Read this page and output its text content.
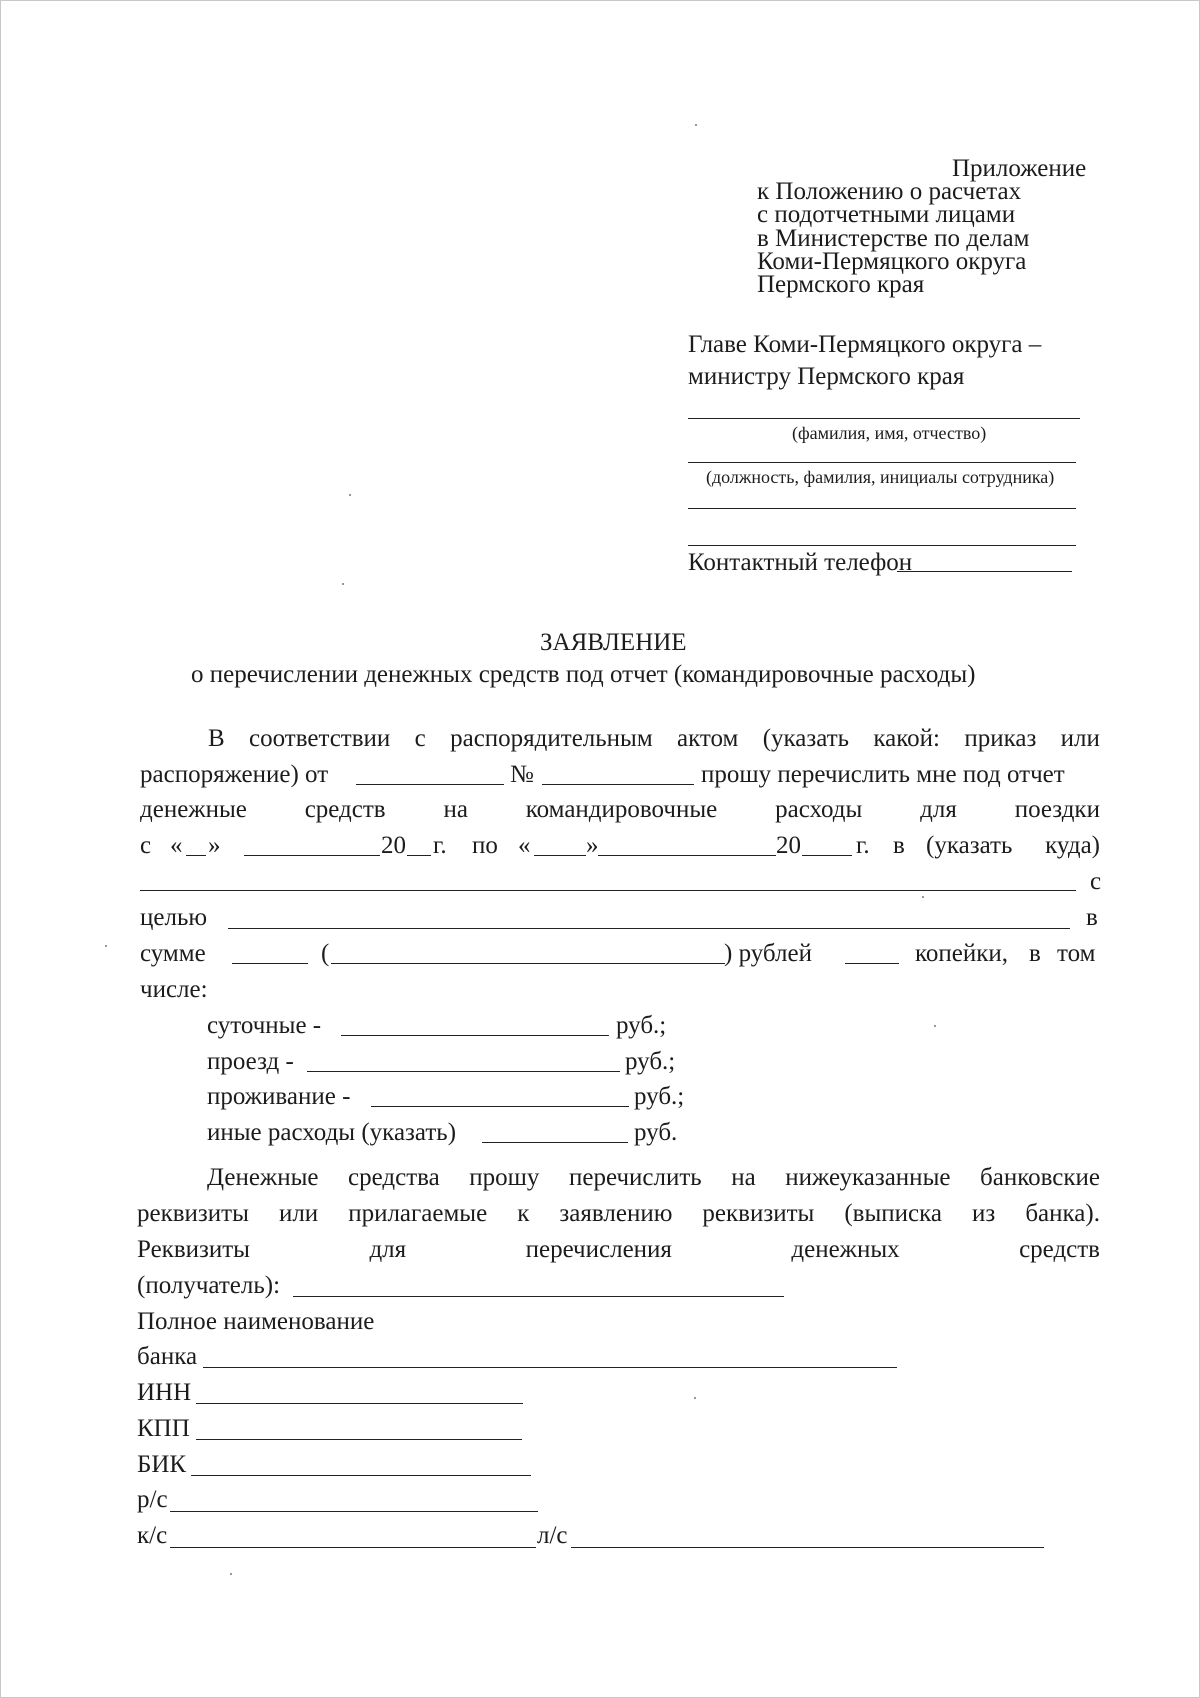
Приложение
к Положению о расчетах
с подотчетными лицами
в Министерстве по делам
Коми-Пермяцкого округа
Пермского края
Главе Коми-Пермяцкого округа –
министру Пермского края
(фамилия, имя, отчество)
(должность, фамилия, инициалы сотрудника)
Контактный телефон
ЗАЯВЛЕНИЕ
о перечислении денежных средств под отчет (командировочные расходы)
В соответствии с распорядительным актом (указать какой: приказ или
распоряжение) от	№	прошу перечислить мне под отчет
денежные средств на командировочные расходы для поездки
с « »	20 г. по « »	20 г. в (указать куда)
с
целью	в
сумме	(	) рублей	копейки, в том
числе:
суточные -	руб.;
проезд -	руб.;
проживание -	руб.;
иные расходы (указать)	руб.
Денежные средства прошу перечислить на нижеуказанные банковские
реквизиты или прилагаемые к заявлению реквизиты (выписка из банка).
Реквизиты	для	перечисления	денежных	средств
(получатель):
Полное наименование
банка
ИНН
КПП
БИК
р/с
к/с	л/с
